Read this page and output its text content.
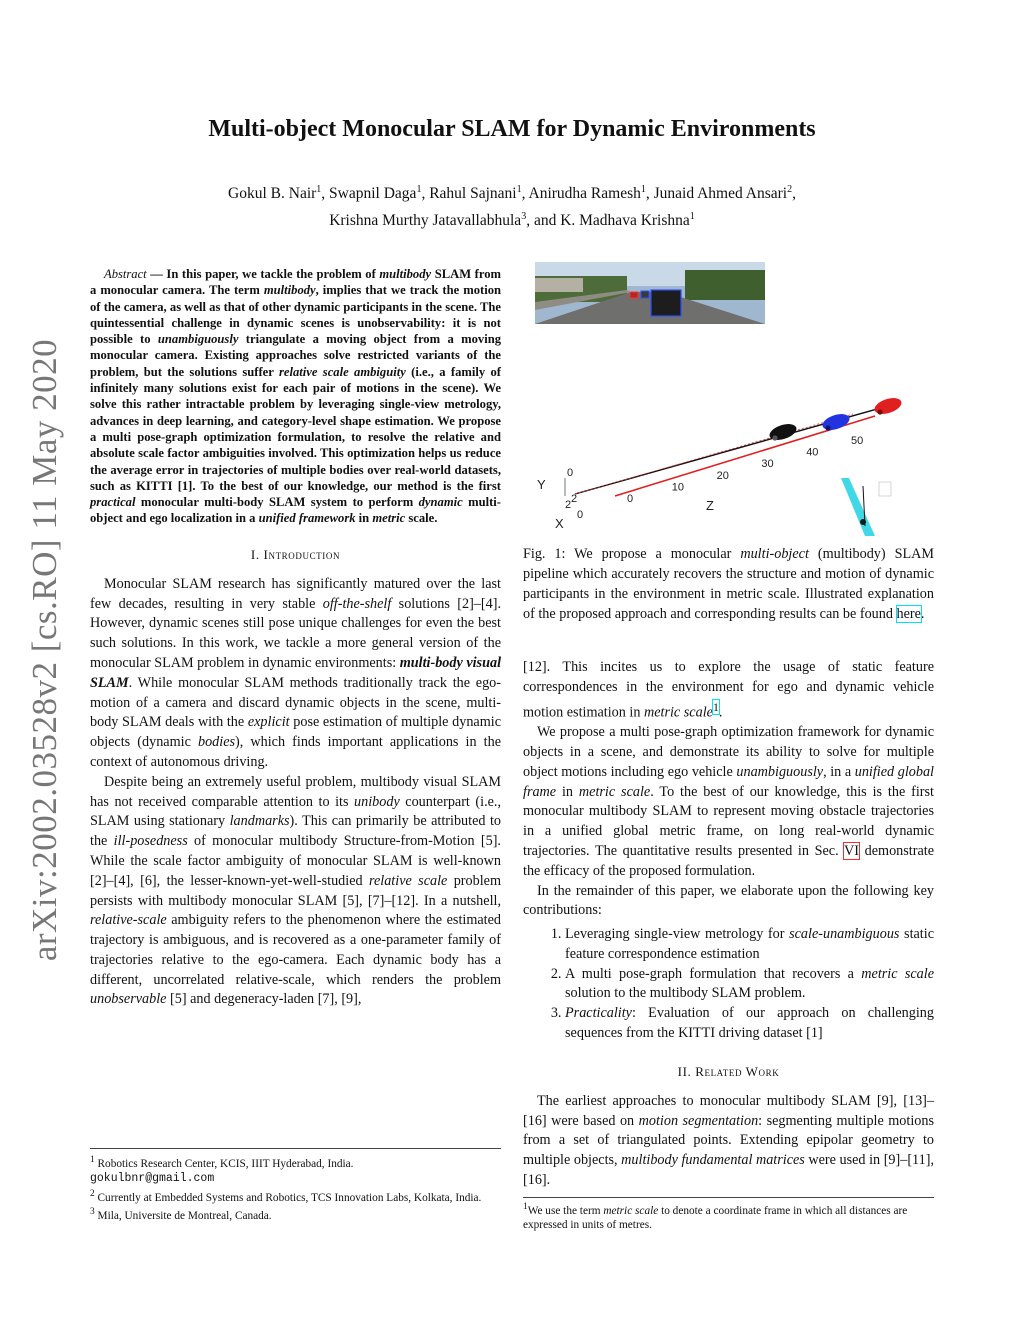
arXiv:2002.03528v2 [cs.RO] 11 May 2020
Multi-object Monocular SLAM for Dynamic Environments
Gokul B. Nair$^1$, Swapnil Daga$^1$, Rahul Sajnani$^1$, Anirudha Ramesh$^1$, Junaid Ahmed Ansari$^2$,
Krishna Murthy Jatavallabhula$^3$, and K. Madhava Krishna$^1$

Abstract — In this paper, we tackle the problem of multibody SLAM from a monocular camera. The term multibody, implies that we track the motion of the camera, as well as that of other dynamic participants in the scene. The quintessential challenge in dynamic scenes is unobservability: it is not possible to unambiguously triangulate a moving object from a moving monocular camera. Existing approaches solve restricted variants of the problem, but the solutions suffer relative scale ambiguity (i.e., a family of infinitely many solutions exist for each pair of motions in the scene). We solve this rather intractable problem by leveraging single-view metrology, advances in deep learning, and category-level shape estimation. We propose a multi pose-graph optimization formulation, to resolve the relative and absolute scale factor ambiguities involved. This optimization helps us reduce the average error in trajectories of multiple bodies over real-world datasets, such as KITTI [1]. To the best of our knowledge, our method is the first practical monocular multi-body SLAM system to perform dynamic multi-object and ego localization in a unified framework in metric scale.

I. Introduction

Monocular SLAM research has significantly matured over the last few decades, resulting in very stable off-the-shelf solutions [2]–[4]. However, dynamic scenes still pose unique challenges for even the best such solutions. In this work, we tackle a more general version of the monocular SLAM problem in dynamic environments: multi-body visual SLAM. While monocular SLAM methods traditionally track the ego-motion of a camera and discard dynamic objects in the scene, multi-body SLAM deals with the explicit pose estimation of multiple dynamic objects (dynamic bodies), which finds important applications in the context of autonomous driving.

Despite being an extremely useful problem, multibody visual SLAM has not received comparable attention to its unibody counterpart (i.e., SLAM using stationary landmarks). This can primarily be attributed to the ill-posedness of monocular multibody Structure-from-Motion [5]. While the scale factor ambiguity of monocular SLAM is well-known [2]–[4], [6], the lesser-known-yet-well-studied relative scale problem persists with multibody monocular SLAM [5], [7]–[12]. In a nutshell, relative-scale ambiguity refers to the phenomenon where the estimated trajectory is ambiguous, and is recovered as a one-parameter family of trajectories relative to the ego-camera. Each dynamic body has a different, uncorrelated relative-scale, which renders the problem unobservable [5] and degeneracy-laden [7], [9],

$^1$ Robotics Research Center, KCIS, IIIT Hyderabad, India.
gokulbnr@gmail.com

$^2$ Currently at Embedded Systems and Robotics, TCS Innovation Labs, Kolkata, India.

$^3$ Mila, Universite de Montreal, Canada.

Z
Y
X
0
2
2
0
0
10
20
30
40
50

Fig. 1: We propose a monocular multi-object (multibody) SLAM pipeline which accurately recovers the structure and motion of dynamic participants in the environment in metric scale. Illustrated explanation of the proposed approach and corresponding results can be found here.

[12]. This incites us to explore the usage of static feature correspondences in the environment for ego and dynamic vehicle motion estimation in metric scale$^1$.

We propose a multi pose-graph optimization framework for dynamic objects in a scene, and demonstrate its ability to solve for multiple object motions including ego vehicle unambiguously, in a unified global frame in metric scale. To the best of our knowledge, this is the first monocular multibody SLAM to represent moving obstacle trajectories in a unified global metric frame, on long real-world dynamic trajectories. The quantitative results presented in Sec. VI demonstrate the efficacy of the proposed formulation.

In the remainder of this paper, we elaborate upon the following key contributions:

1. Leveraging single-view metrology for scale-unambiguous static feature correspondence estimation
2. A multi pose-graph formulation that recovers a metric scale solution to the multibody SLAM problem.
3. Practicality: Evaluation of our approach on challenging sequences from the KITTI driving dataset [1]
II. Related Work

The earliest approaches to monocular multibody SLAM [9], [13]–[16] were based on motion segmentation: segmenting multiple motions from a set of triangulated points. Extending epipolar geometry to multiple objects, multibody fundamental matrices were used in [9]–[11], [16].

$^1$We use the term metric scale to denote a coordinate frame in which all distances are expressed in units of metres.
